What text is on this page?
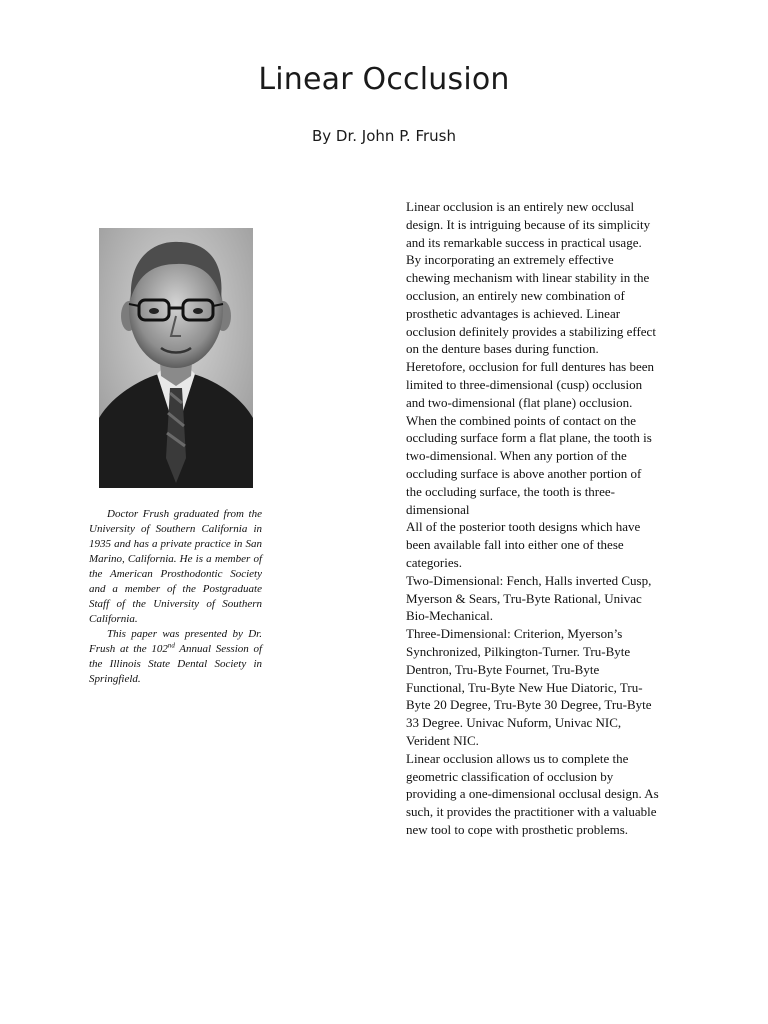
Linear Occlusion
By Dr. John P. Frush

Doctor Frush graduated from the University of Southern California in 1935 and has a private practice in San Marino, California. He is a member of the American Prosthodontic Society and a member of the Postgraduate Staff of the University of Southern California.

This paper was presented by Dr. Frush at the 102nd Annual Session of the Illinois State Dental Society in Springfield.

Linear occlusion is an entirely new occlusal design. It is intriguing because of its simplicity and its remarkable success in practical usage. By incorporating an extremely effective chewing mechanism with linear stability in the occlusion, an entirely new combination of prosthetic advantages is achieved. Linear occlusion definitely provides a stabilizing effect on the denture bases during function.

Heretofore, occlusion for full dentures has been limited to three-dimensional (cusp) occlusion and two-dimensional (flat plane) occlusion. When the combined points of contact on the occluding surface form a flat plane, the tooth is two-dimensional. When any portion of the occluding surface is above another portion of the occluding surface, the tooth is three-dimensional

All of the posterior tooth designs which have been available fall into either one of these categories.

Two-Dimensional: Fench, Halls inverted Cusp, Myerson & Sears, Tru-Byte Rational, Univac Bio-Mechanical.

Three-Dimensional: Criterion, Myerson’s Synchronized, Pilkington-Turner. Tru-Byte Dentron, Tru-Byte Fournet, Tru-Byte Functional, Tru-Byte New Hue Diatoric, Tru-Byte 20 Degree, Tru-Byte 30 Degree, Tru-Byte 33 Degree. Univac Nuform, Univac NIC, Verident NIC.

Linear occlusion allows us to complete the geometric classification of occlusion by providing a one-dimensional occlusal design. As such, it provides the practitioner with a valuable new tool to cope with prosthetic problems.
